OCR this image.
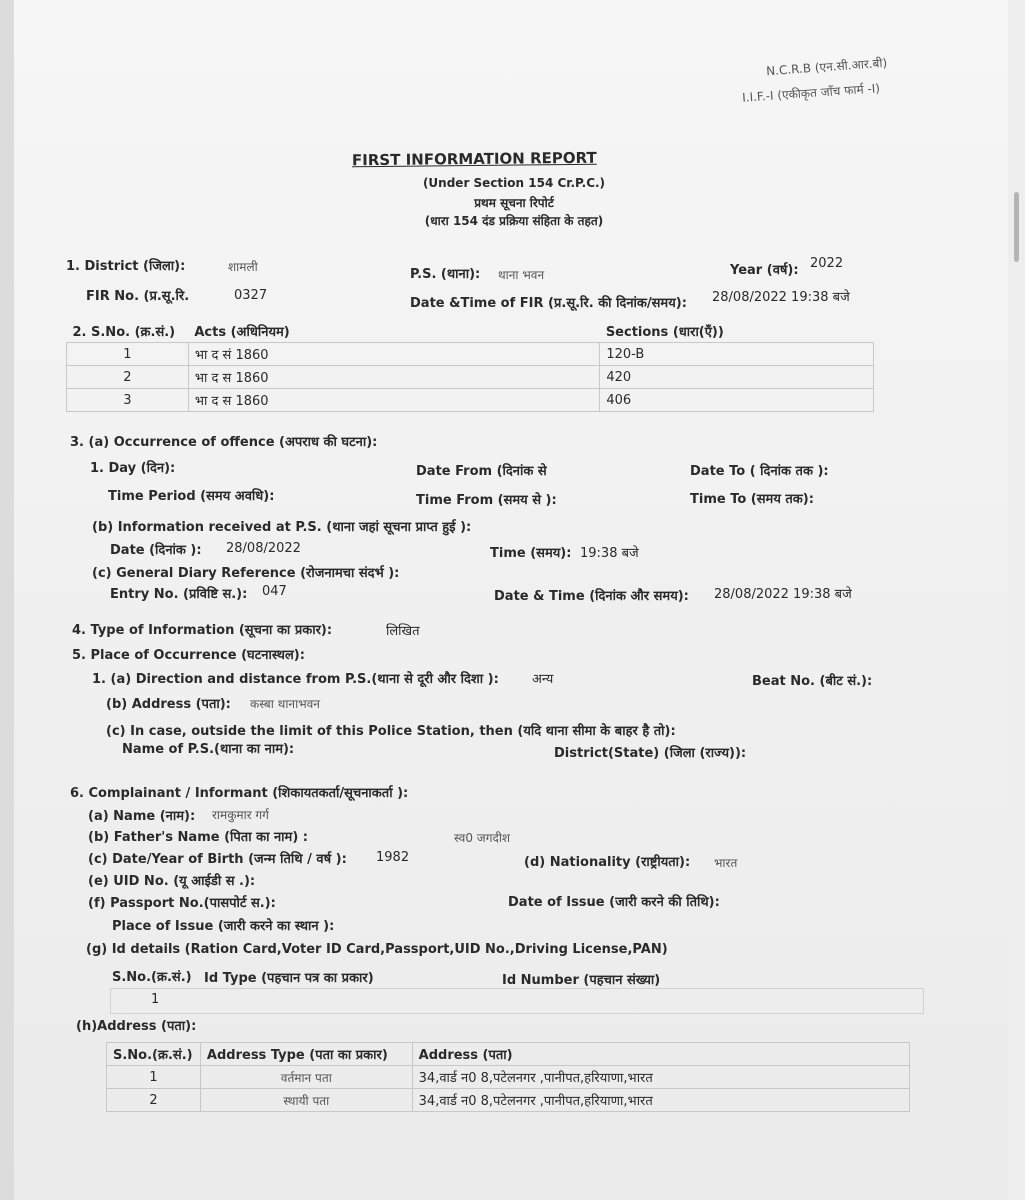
N.C.R.B (एन.सी.आर.बी)
I.I.F.-I (एकीकृत जाँच फार्म -I)
FIRST INFORMATION REPORT
(Under Section 154 Cr.P.C.)
प्रथम सूचना रिपोर्ट
(धारा 154 दंड प्रक्रिया संहिता के तहत)
1. District (जिला):	शामली	P.S. (थाना): थाना भवन	Year (वर्ष): 2022
FIR No. (प्र.सू.रि.	0327
Date &Time of FIR (प्र.सू.रि. की दिनांक/समय): 28/08/2022 19:38 बजे
2. S.No. (क्र.सं.)	Acts (अधिनियम)	Sections (धारा(एँ))
1	भा द सं 1860	120-B
2	भा द स 1860	420
3	भा द स 1860	406
3. (a) Occurrence of offence (अपराध की घटना):
1. Day (दिन):	Date From (दिनांक से	Date To ( दिनांक तक ):
Time Period (समय अवधि):	Time From (समय से ):	Time To (समय तक):
(b) Information received at P.S. (थाना जहां सूचना प्राप्त हुई ):
Date (दिनांक ): 28/08/2022	Time (समय): 19:38 बजे
(c) General Diary Reference (रोजनामचा संदर्भ ):
Entry No. (प्रविष्टि स.): 047	Date & Time (दिनांक और समय): 28/08/2022 19:38 बजे
4. Type of Information (सूचना का प्रकार):	लिखित
5. Place of Occurrence (घटनास्थल):
1. (a) Direction and distance from P.S.(थाना से दूरी और दिशा ):	अन्य	Beat No. (बीट सं.):
(b) Address (पता): कस्बा थानाभवन
(c) In case, outside the limit of this Police Station, then (यदि थाना सीमा के बाहर है तो):
Name of P.S.(थाना का नाम):	District(State) (जिला (राज्य)):
6. Complainant / Informant (शिकायतकर्ता/सूचनाकर्ता ):
(a) Name (नाम): रामकुमार गर्ग
(b) Father's Name (पिता का नाम) :	स्व0 जगदीश
(c) Date/Year of Birth (जन्म तिथि / वर्ष ): 1982	(d) Nationality (राष्ट्रीयता): भारत
(e) UID No. (यू आईडी स .):
(f) Passport No.(पासपोर्ट स.):	Date of Issue (जारी करने की तिथि):
Place of Issue (जारी करने का स्थान ):
(g) Id details (Ration Card,Voter ID Card,Passport,UID No.,Driving License,PAN)
S.No.(क्र.सं.) Id Type (पहचान पत्र का प्रकार)	Id Number (पहचान संख्या)
1
(h)Address (पता):
S.No.(क्र.सं.)	Address Type (पता का प्रकार)	Address (पता)
1	वर्तमान पता	34,वार्ड न0 8,पटेलनगर ,पानीपत,हरियाणा,भारत
2	स्थायी पता	34,वार्ड न0 8,पटेलनगर ,पानीपत,हरियाणा,भारत
